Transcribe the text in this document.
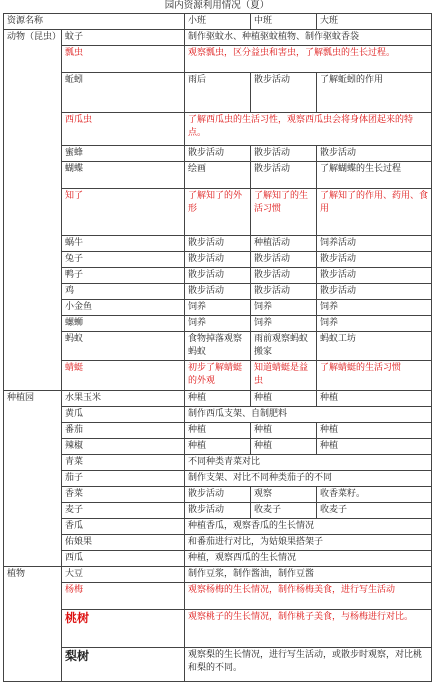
园内资源利用情况（夏）
资源名称		小班	中班	大班
动物（昆虫）	蚊子	制作驱蚊水、种植驱蚊植物、制作驱蚊香袋		
	瓢虫	观察瓢虫，区分益虫和害虫，了解瓢虫的生长过程。		
	蚯蚓	雨后	散步活动	了解蚯蚓的作用
	西瓜虫	了解西瓜虫的生活习性，观察西瓜虫会将身体团起来的特点。		
	蜜蜂	散步活动	散步活动	散步活动
	蝴蝶	绘画	散步活动	了解蝴蝶的生长过程
	知了	了解知了的外形	了解知了的生活习惯	了解知了的作用、药用、食用
	蜗牛	散步活动	种植活动	饲养活动
	兔子	散步活动	散步活动	散步活动
	鸭子	散步活动	散步活动	散步活动
	鸡	散步活动	散步活动	散步活动
	小金鱼	饲养	饲养	饲养
	螺蛳	饲养	饲养	饲养
	蚂蚁	食物掉落观察蚂蚁	雨前观察蚂蚁搬家	蚂蚁工坊
	蜻蜓	初步了解蜻蜓的外观	知道蜻蜓是益虫	了解蜻蜓的生活习惯
种植园	水果玉米	种植	种植	种植
	黄瓜	制作西瓜支架、自制肥料		
	番茄	种植	种植	种植
	辣椒	种植	种植	种植
	青菜	不同种类青菜对比		
	茄子	制作支架、对比不同种类茄子的不同		
	香菜	散步活动	观察	收香菜籽。
	麦子	散步活动	收麦子	收麦子
	香瓜	种植香瓜，观察香瓜的生长情况		
	佑娘果	和番茄进行对比，为姑娘果搭架子		
	西瓜	种植，观察西瓜的生长情况		
植物	大豆	制作豆浆，制作酱油，制作豆酱		
	杨梅	观察杨梅的生长情况，制作杨梅美食，进行写生活动		
	桃树	观察桃子的生长情况，制作桃子美食，与杨梅进行对比。		
	梨树	观察梨的生长情况，进行写生活动，或散步时观察，对比桃和梨的不同。		
